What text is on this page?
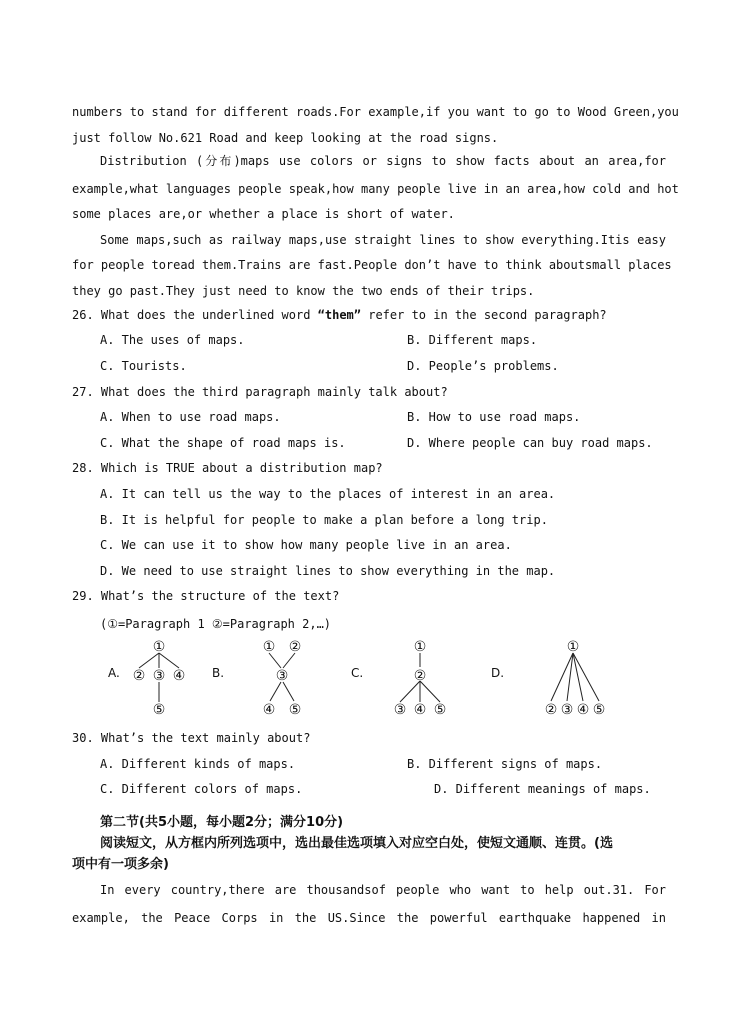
numbers to stand for different roads.For example,if you want to go to Wood Green,you
just follow No.621 Road and keep looking at the road signs.
Distribution (分布)maps use colors or signs to show facts about an area,for
example,what languages people speak,how many people live in an area,how cold and hot
some places are,or whether a place is short of water.
Some maps,such as railway maps,use straight lines to show everything.Itis easy
for people toread them.Trains are fast.People don’t have to think aboutsmall places
they go past.They just need to know the two ends of their trips.
26. What does the underlined word “them” refer to in the second paragraph?
A. The uses of maps.	B. Different maps.
C. Tourists.	D. People’s problems.
27. What does the third paragraph mainly talk about?
A. When to use road maps.	B. How to use road maps.
C. What the shape of road maps is.	D. Where people can buy road maps.
28. Which is TRUE about a distribution map?
A. It can tell us the way to the places of interest in an area.
B. It is helpful for people to make a plan before a long trip.
C. We can use it to show how many people live in an area.
D. We need to use straight lines to show everything in the map.
29. What’s the structure of the text?
(①=Paragraph 1 ②=Paragraph 2,…)
A.
①
② ③ ④
⑤
B.
① ②
③
④ ⑤
C.
①
②
③ ④ ⑤
D.
①
② ③ ④ ⑤
30. What’s the text mainly about?
A. Different kinds of maps.	B. Different signs of maps.
C. Different colors of maps.	D. Different meanings of maps.
第二节(共5小题，每小题2分；满分10分)
阅读短文，从方框内所列选项中，选出最佳选项填入对应空白处，使短文通顺、连贯。(选
项中有一项多余)
In every country,there are thousandsof people who want to help out.31. For
example, the Peace Corps in the US.Since the powerful earthquake happened in
